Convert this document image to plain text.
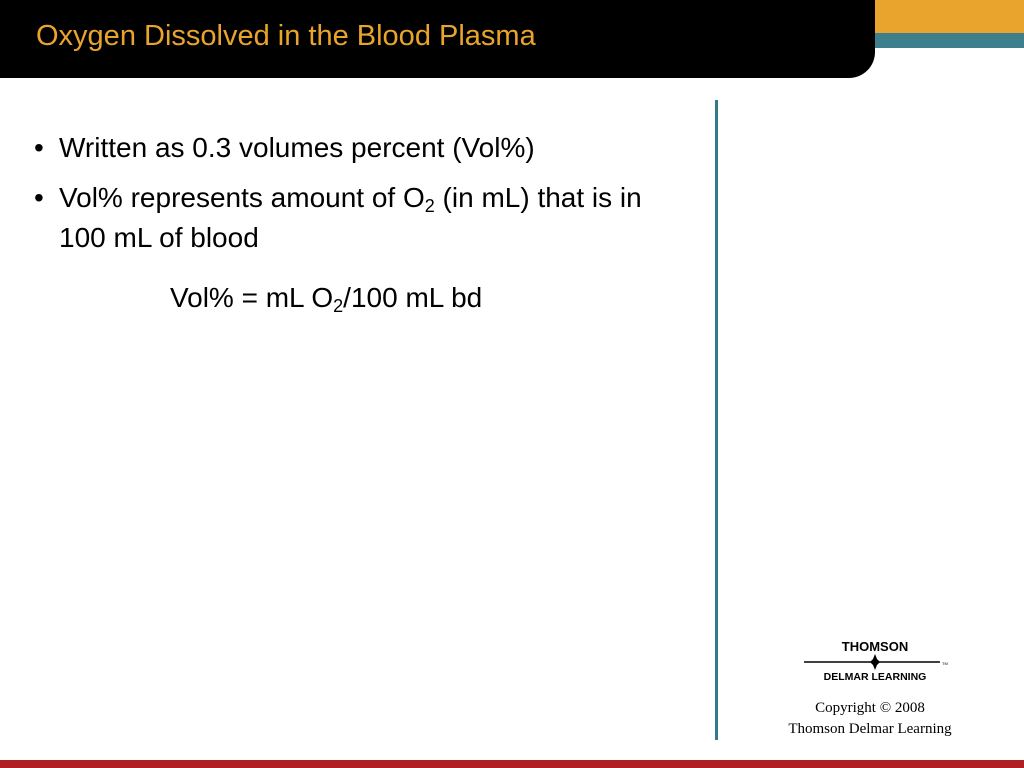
Oxygen Dissolved in the Blood Plasma
• Written as 0.3 volumes percent (Vol%)
• Vol% represents amount of $O_2$ (in mL) that is in 100 mL of blood
Vol% = mL $O_2/100$ mL bd
THOMSON
TM
DELMAR LEARNING
Copyright © 2008
Thomson Delmar Learning
